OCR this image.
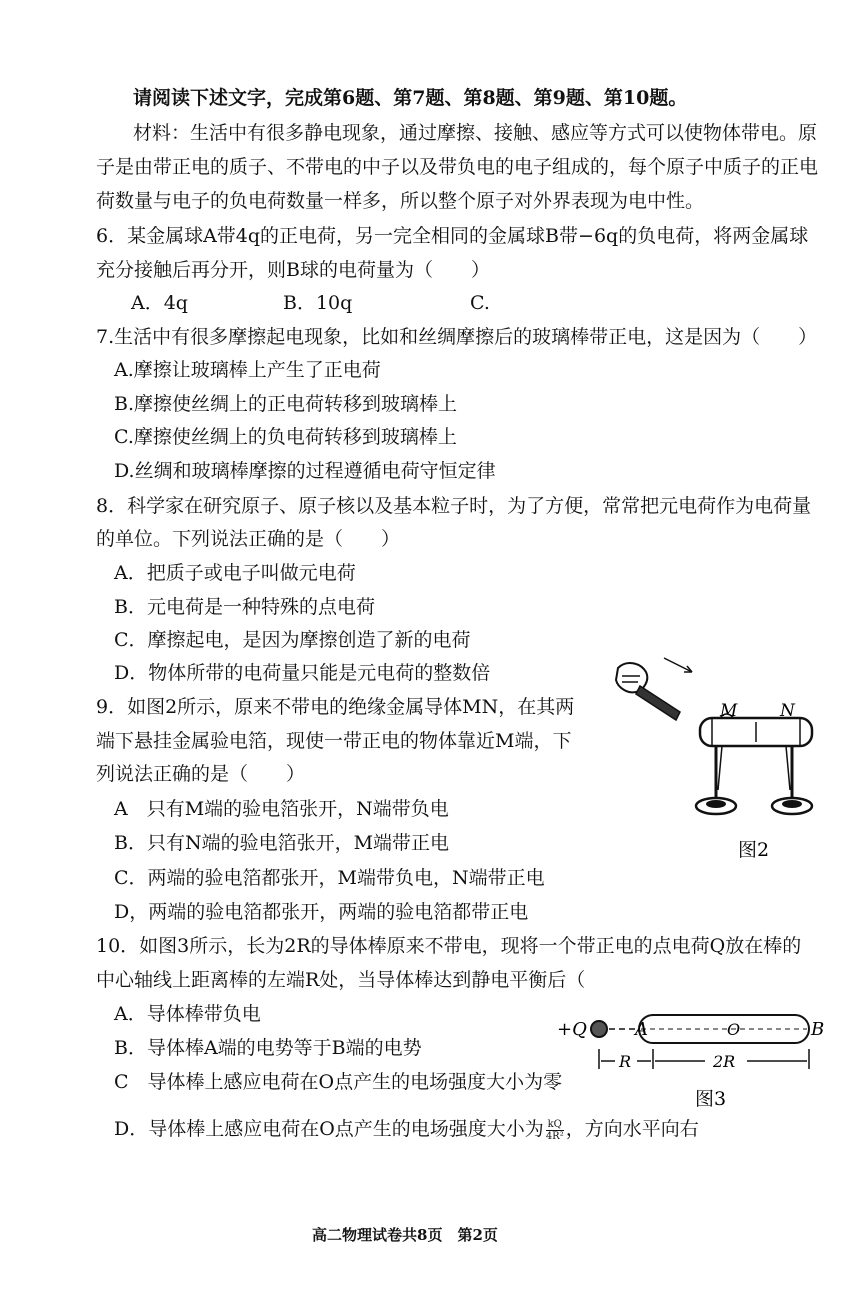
请阅读下述文字，完成第6题、第7题、第8题、第9题、第10题。
材料：生活中有很多静电现象，通过摩擦、接触、感应等方式可以使物体带电。原
子是由带正电的质子、不带电的中子以及带负电的电子组成的，每个原子中质子的正电
荷数量与电子的负电荷数量一样多，所以整个原子对外界表现为电中性。
6．某金属球A带4q的正电荷，另一完全相同的金属球B带−6q的负电荷，将两金属球
充分接触后再分开，则B球的电荷量为（　　）
A．4q	B．10q	C.
7.生活中有很多摩擦起电现象，比如和丝绸摩擦后的玻璃棒带正电，这是因为（　　）
A.摩擦让玻璃棒上产生了正电荷
B.摩擦使丝绸上的正电荷转移到玻璃棒上
C.摩擦使丝绸上的负电荷转移到玻璃棒上
D.丝绸和玻璃棒摩擦的过程遵循电荷守恒定律
8．科学家在研究原子、原子核以及基本粒子时，为了方便，常常把元电荷作为电荷量
的单位。下列说法正确的是（　　）
A．把质子或电子叫做元电荷
B．元电荷是一种特殊的点电荷
C．摩擦起电，是因为摩擦创造了新的电荷
D．物体所带的电荷量只能是元电荷的整数倍
9．如图2所示，原来不带电的绝缘金属导体MN，在其两
端下悬挂金属验电箔，现使一带正电的物体靠近M端，下
列说法正确的是（　　）
A　只有M端的验电箔张开，N端带负电
B．只有N端的验电箔张开，M端带正电
C．两端的验电箔都张开，M端带负电，N端带正电
D，两端的验电箔都张开，两端的验电箔都带正电
M	N
图2
10．如图3所示，长为2R的导体棒原来不带电，现将一个带正电的点电荷Q放在棒的
中心轴线上距离棒的左端R处，当导体棒达到静电平衡后（
A．导体棒带负电
B．导体棒A端的电势等于B端的电势
C　导体棒上感应电荷在O点产生的电场强度大小为零
D．导体棒上感应电荷在O点产生的电场强度大小为 $\frac{kQ}{\text{4R²}}$ ，方向水平向右
+Q	A	O	B
R	2R
图3
高二物理试卷共8页　第2页
